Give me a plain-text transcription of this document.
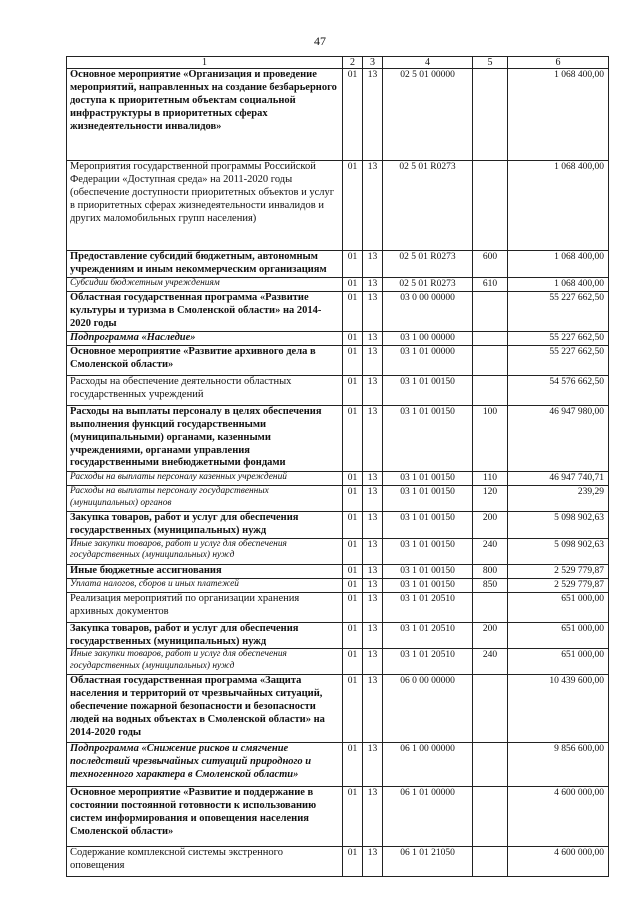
47
1	2	3	4	5	6
Основное мероприятие «Организация и проведение мероприятий, направленных на создание безбарьерного доступа к приоритетным объектам социальной инфраструктуры в приоритетных сферах жизнедеятельности инвалидов»	01	13	02 5 01 00000		1 068 400,00
Мероприятия государственной программы Российской Федерации «Доступная среда» на 2011-2020 годы (обеспечение доступности приоритетных объектов и услуг в приоритетных сферах жизнедеятельности инвалидов и других маломобильных групп населения)	01	13	02 5 01 R0273		1 068 400,00
Предоставление субсидий бюджетным, автономным учреждениям и иным некоммерческим организациям	01	13	02 5 01 R0273	600	1 068 400,00
Субсидии бюджетным учреждениям	01	13	02 5 01 R0273	610	1 068 400,00
Областная государственная программа «Развитие культуры и туризма в Смоленской области» на 2014-2020 годы	01	13	03 0 00 00000		55 227 662,50
Подпрограмма «Наследие»	01	13	03 1 00 00000		55 227 662,50
Основное мероприятие «Развитие архивного дела в Смоленской области»	01	13	03 1 01 00000		55 227 662,50
Расходы на обеспечение деятельности областных государственных учреждений	01	13	03 1 01 00150		54 576 662,50
Расходы на выплаты персоналу в целях обеспечения выполнения функций государственными (муниципальными) органами, казенными учреждениями, органами управления государственными внебюджетными фондами	01	13	03 1 01 00150	100	46 947 980,00
Расходы на выплаты персоналу казенных учреждений	01	13	03 1 01 00150	110	46 947 740,71
Расходы на выплаты персоналу государственных (муниципальных) органов	01	13	03 1 01 00150	120	239,29
Закупка товаров, работ и услуг для обеспечения государственных (муниципальных) нужд	01	13	03 1 01 00150	200	5 098 902,63
Иные закупки товаров, работ и услуг для обеспечения государственных (муниципальных) нужд	01	13	03 1 01 00150	240	5 098 902,63
Иные бюджетные ассигнования	01	13	03 1 01 00150	800	2 529 779,87
Уплата налогов, сборов и иных платежей	01	13	03 1 01 00150	850	2 529 779,87
Реализация мероприятий по организации хранения архивных документов	01	13	03 1 01 20510		651 000,00
Закупка товаров, работ и услуг для обеспечения государственных (муниципальных) нужд	01	13	03 1 01 20510	200	651 000,00
Иные закупки товаров, работ и услуг для обеспечения государственных (муниципальных) нужд	01	13	03 1 01 20510	240	651 000,00
Областная государственная программа «Защита населения и территорий от чрезвычайных ситуаций, обеспечение пожарной безопасности и безопасности людей на водных объектах в Смоленской области» на 2014-2020 годы	01	13	06 0 00 00000		10 439 600,00
Подпрограмма «Снижение рисков и смягчение последствий чрезвычайных ситуаций природного и техногенного характера в Смоленской области»	01	13	06 1 00 00000		9 856 600,00
Основное мероприятие «Развитие и поддержание в состоянии постоянной готовности к использованию систем информирования и оповещения населения Смоленской области»	01	13	06 1 01 00000		4 600 000,00
Содержание комплексной системы экстренного оповещения	01	13	06 1 01 21050		4 600 000,00
